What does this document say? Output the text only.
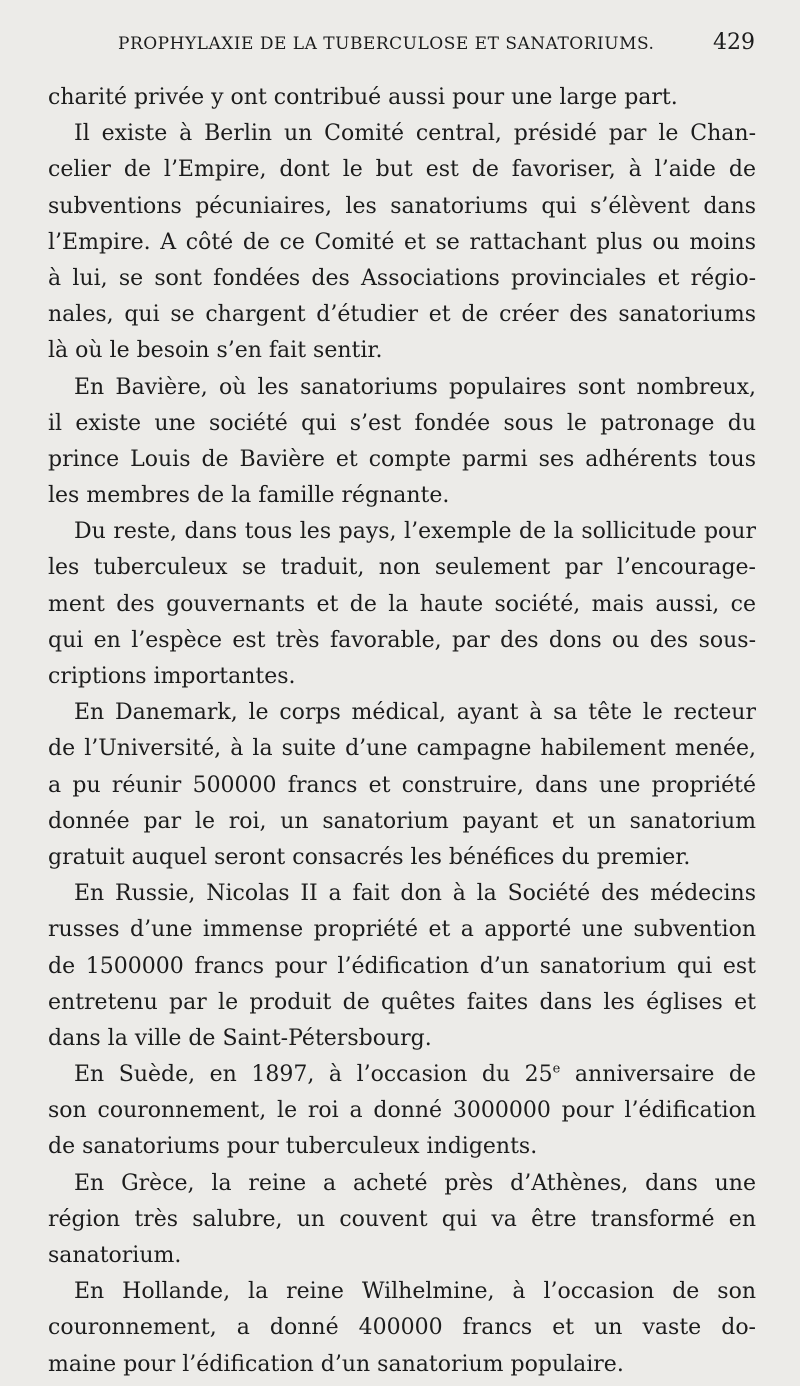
PROPHYLAXIE DE LA TUBERCULOSE ET SANATORIUMS.	429
charité privée y ont contribué aussi pour une large part.
Il existe à Berlin un Comité central, présidé par le Chan-
celier de l’Empire, dont le but est de favoriser, à l’aide de
subventions pécuniaires, les sanatoriums qui s’élèvent dans
l’Empire. A côté de ce Comité et se rattachant plus ou moins
à lui, se sont fondées des Associations provinciales et régio-
nales, qui se chargent d’étudier et de créer des sanatoriums
là où le besoin s’en fait sentir.
En Bavière, où les sanatoriums populaires sont nombreux,
il existe une société qui s’est fondée sous le patronage du
prince Louis de Bavière et compte parmi ses adhérents tous
les membres de la famille régnante.
Du reste, dans tous les pays, l’exemple de la sollicitude pour
les tuberculeux se traduit, non seulement par l’encourage-
ment des gouvernants et de la haute société, mais aussi, ce
qui en l’espèce est très favorable, par des dons ou des sous-
criptions importantes.
En Danemark, le corps médical, ayant à sa tête le recteur
de l’Université, à la suite d’une campagne habilement menée,
a pu réunir 500000 francs et construire, dans une propriété
donnée par le roi, un sanatorium payant et un sanatorium
gratuit auquel seront consacrés les bénéfices du premier.
En Russie, Nicolas II a fait don à la Société des médecins
russes d’une immense propriété et a apporté une subvention
de 1500000 francs pour l’édification d’un sanatorium qui est
entretenu par le produit de quêtes faites dans les églises et
dans la ville de Saint-Pétersbourg.
En Suède, en 1897, à l’occasion du 25e anniversaire de
son couronnement, le roi a donné 3000000 pour l’édification
de sanatoriums pour tuberculeux indigents.
En Grèce, la reine a acheté près d’Athènes, dans une
région très salubre, un couvent qui va être transformé en
sanatorium.
En Hollande, la reine Wilhelmine, à l’occasion de son
couronnement, a donné 400000 francs et un vaste do-
maine pour l’édification d’un sanatorium populaire.
